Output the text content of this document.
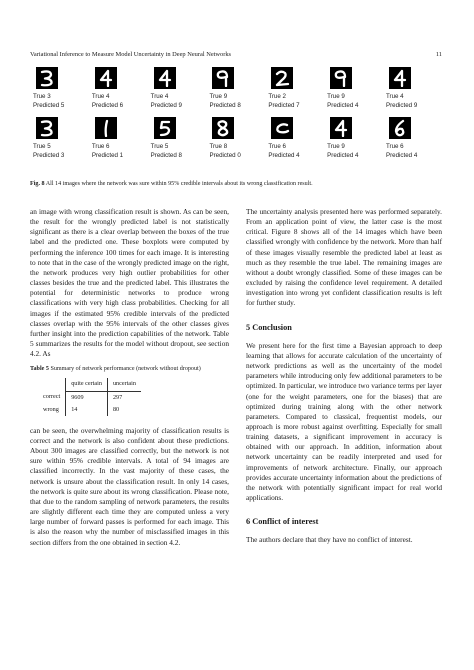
Variational Inference to Measure Model Uncertainty in Deep Neural Networks	11
True 3
Predicted 5
True 4
Predicted 6
True 4
Predicted 9
True 9
Predicted 8
True 2
Predicted 7
True 9
Predicted 4
True 4
Predicted 9
True 5
Predicted 3
True 6
Predicted 1
True 5
Predicted 8
True 8
Predicted 0
True 6
Predicted 4
True 9
Predicted 4
True 6
Predicted 4
Fig. 8 All 14 images where the network was sure within 95% credible intervals about its wrong classification result.

an image with wrong classification result is shown. As can be seen, the result for the wrongly predicted label is not statistically significant as there is a clear overlap between the boxes of the true label and the predicted one. These boxplots were computed by performing the inference 100 times for each image. It is interesting to note that in the case of the wrongly predicted image on the right, the network produces very high outlier probabilities for other classes besides the true and the predicted label. This illustrates the potential for deterministic networks to produce wrong classifications with very high class probabilities. Checking for all images if the estimated 95% credible intervals of the predicted classes overlap with the 95% intervals of the other classes gives further insight into the prediction capabilities of the network. Table 5 summarizes the results for the model without dropout, see section 4.2. As

Table 5 Summary of network performance (network without dropout)
	quite certain	uncertain
correct	9609	297
wrong	14	80

can be seen, the overwhelming majority of classification results is correct and the network is also confident about these predictions. About 300 images are classified correctly, but the network is not sure within 95% credible intervals. A total of 94 images are classified incorrectly. In the vast majority of these cases, the network is unsure about the classification result. In only 14 cases, the network is quite sure about its wrong classification. Please note, that due to the random sampling of network parameters, the results are slightly different each time they are computed unless a very large number of forward passes is performed for each image. This is also the reason why the number of misclassified images in this section differs from the one obtained in section 4.2.

The uncertainty analysis presented here was performed separately. From an application point of view, the latter case is the most critical. Figure 8 shows all of the 14 images which have been classified wrongly with confidence by the network. More than half of these images visually resemble the predicted label at least as much as they resemble the true label. The remaining images are without a doubt wrongly classified. Some of these images can be excluded by raising the confidence level requirement. A detailed investigation into wrong yet confident classification results is left for further study.

5 Conclusion

We present here for the first time a Bayesian approach to deep learning that allows for accurate calculation of the uncertainty of network predictions as well as the uncertainty of the model parameters while introducing only few additional parameters to be optimized. In particular, we introduce two variance terms per layer (one for the weight parameters, one for the biases) that are optimized during training along with the other network parameters. Compared to classical, frequentist models, our approach is more robust against overfitting. Especially for small training datasets, a significant improvement in accuracy is obtained with our approach. In addition, information about network uncertainty can be readily interpreted and used for improvements of network architecture. Finally, our approach provides accurate uncertainty information about the predictions of the network with potentially significant impact for real world applications.

6 Conflict of interest

The authors declare that they have no conflict of interest.
